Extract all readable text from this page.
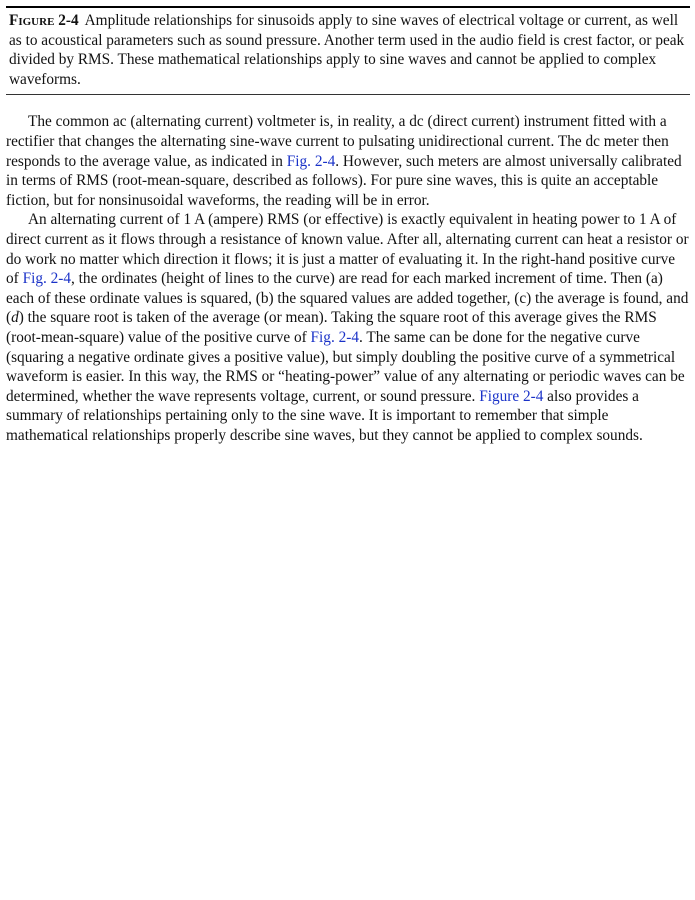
Figure 2-4 Amplitude relationships for sinusoids apply to sine waves of electrical voltage or current, as well as to acoustical parameters such as sound pressure. Another term used in the audio field is crest factor, or peak divided by RMS. These mathematical relationships apply to sine waves and cannot be applied to complex waveforms.

The common ac (alternating current) voltmeter is, in reality, a dc (direct current) instrument fitted with a rectifier that changes the alternating sine-wave current to pulsating unidirectional current. The dc meter then responds to the average value, as indicated in Fig. 2-4. However, such meters are almost universally calibrated in terms of RMS (root-mean-square, described as follows). For pure sine waves, this is quite an acceptable fiction, but for nonsinusoidal waveforms, the reading will be in error.

An alternating current of 1 A (ampere) RMS (or effective) is exactly equivalent in heating power to 1 A of direct current as it flows through a resistance of known value. After all, alternating current can heat a resistor or do work no matter which direction it flows; it is just a matter of evaluating it. In the right-hand positive curve of Fig. 2-4, the ordinates (height of lines to the curve) are read for each marked increment of time. Then (a) each of these ordinate values is squared, (b) the squared values are added together, (c) the average is found, and (d) the square root is taken of the average (or mean). Taking the square root of this average gives the RMS (root-mean-square) value of the positive curve of Fig. 2-4. The same can be done for the negative curve (squaring a negative ordinate gives a positive value), but simply doubling the positive curve of a symmetrical waveform is easier. In this way, the RMS or “heating-power” value of any alternating or periodic waves can be determined, whether the wave represents voltage, current, or sound pressure. Figure 2-4 also provides a summary of relationships pertaining only to the sine wave. It is important to remember that simple mathematical relationships properly describe sine waves, but they cannot be applied to complex sounds.
